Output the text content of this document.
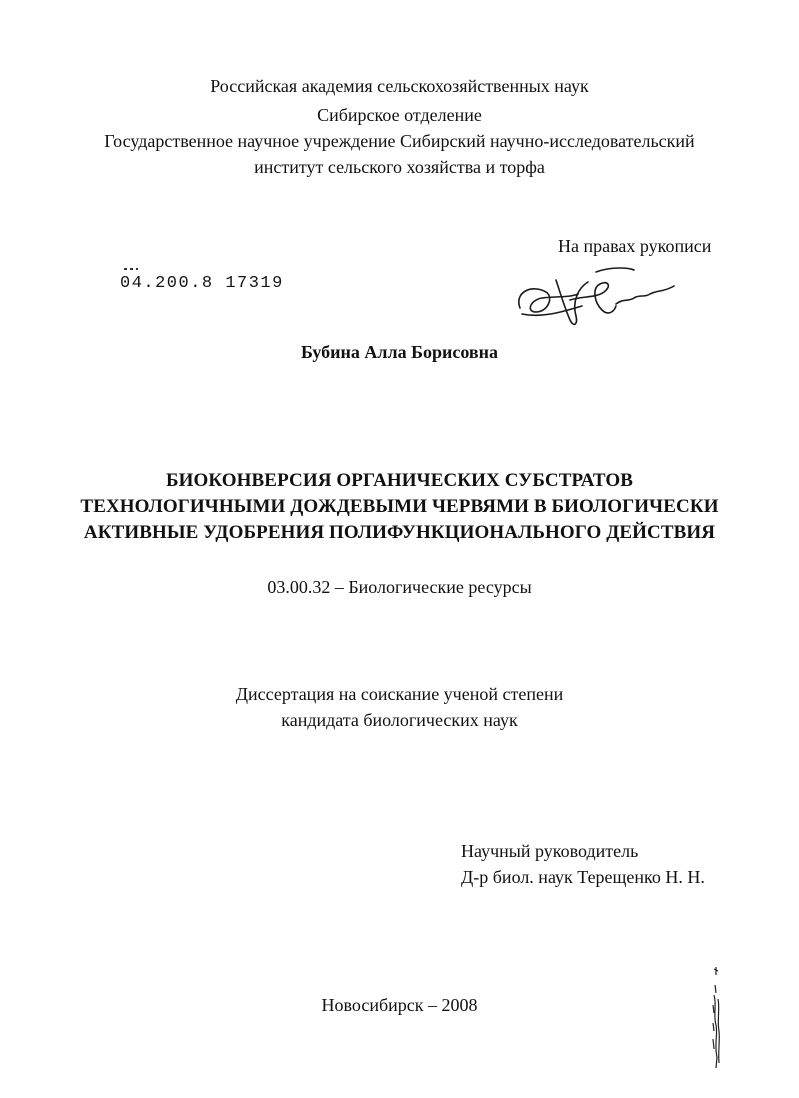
Российская академия сельскохозяйственных наук
Сибирское отделение
Государственное научное учреждение Сибирский научно-исследовательский
институт сельского хозяйства и торфа
На правах рукописи
04.200.8 17319
Бубина Алла Борисовна
БИОКОНВЕРСИЯ ОРГАНИЧЕСКИХ СУБСТРАТОВ
ТЕХНОЛОГИЧНЫМИ ДОЖДЕВЫМИ ЧЕРВЯМИ В БИОЛОГИЧЕСКИ
АКТИВНЫЕ УДОБРЕНИЯ ПОЛИФУНКЦИОНАЛЬНОГО ДЕЙСТВИЯ
03.00.32 – Биологические ресурсы
Диссертация на соискание ученой степени
кандидата биологических наук
Научный руководитель
Д-р биол. наук Терещенко Н. Н.
Новосибирск – 2008
